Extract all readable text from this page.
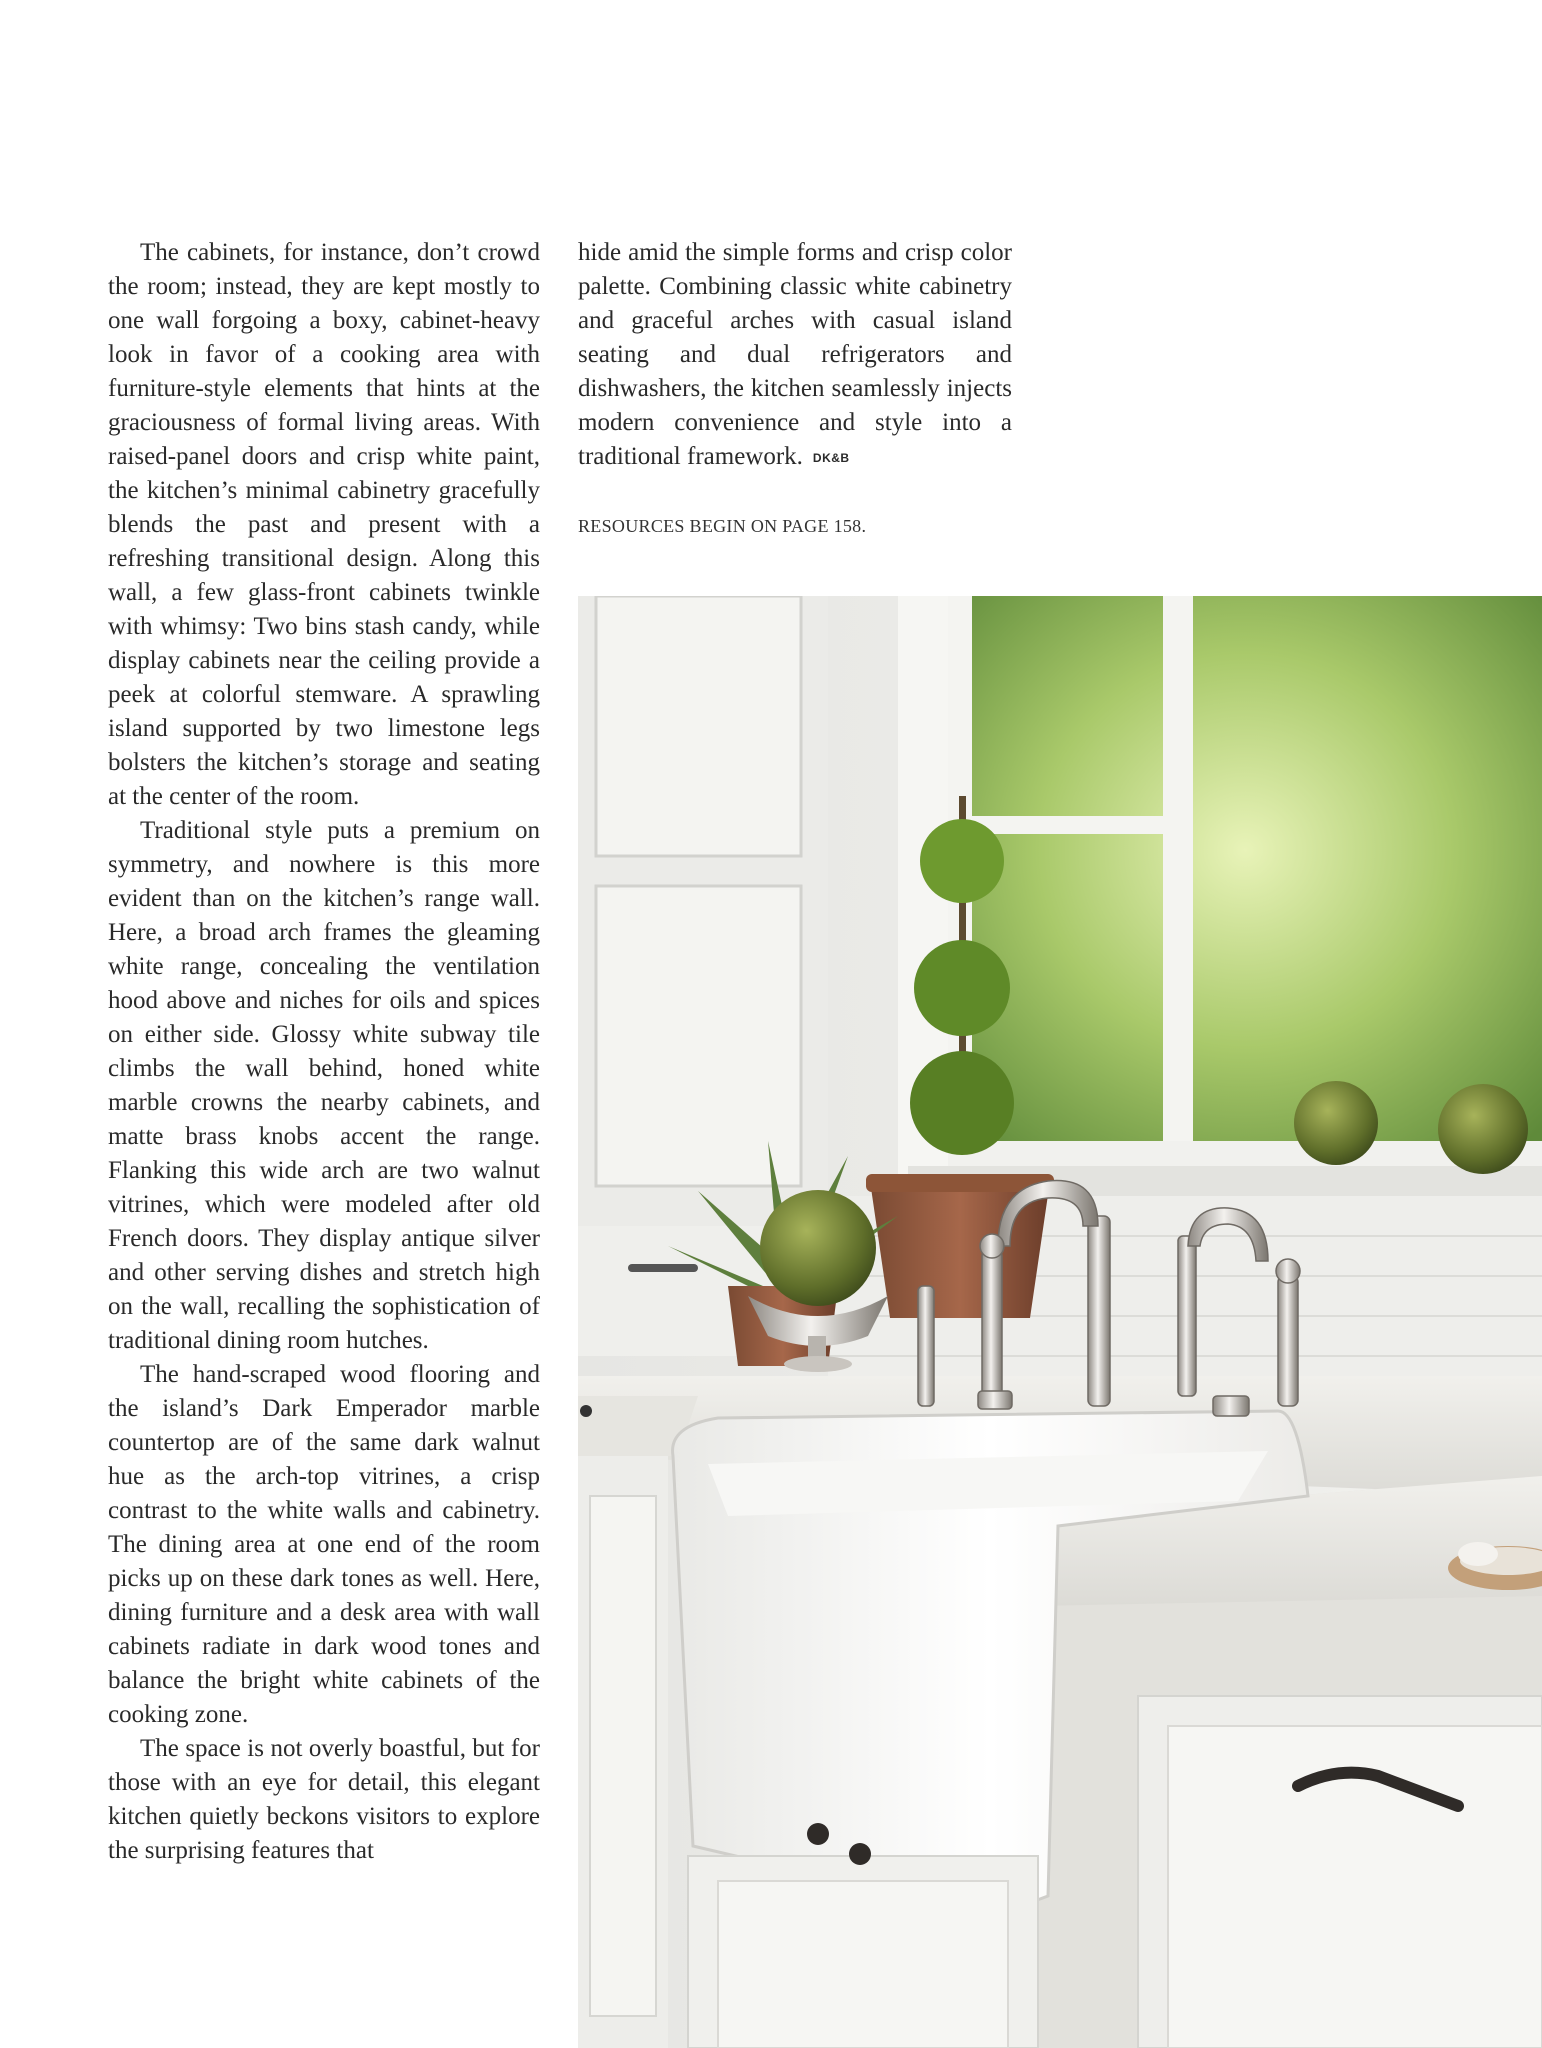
The cabinets, for instance, don’t crowd the room; instead, they are kept mostly to one wall forgoing a boxy, cabinet-heavy look in favor of a cooking area with furniture-style elements that hints at the graciousness of formal living areas. With raised-panel doors and crisp white paint, the kitchen’s minimal cabinetry gracefully blends the past and present with a refreshing transitional design. Along this wall, a few glass-front cabinets twinkle with whimsy: Two bins stash candy, while display cabinets near the ceiling provide a peek at colorful stemware. A sprawling island supported by two limestone legs bolsters the kitchen’s storage and seating at the center of the room.

Traditional style puts a premium on symmetry, and nowhere is this more evident than on the kitchen’s range wall. Here, a broad arch frames the gleaming white range, concealing the ventilation hood above and niches for oils and spices on either side. Glossy white subway tile climbs the wall behind, honed white marble crowns the nearby cabinets, and matte brass knobs accent the range. Flanking this wide arch are two walnut vitrines, which were modeled after old French doors. They display antique silver and other serving dishes and stretch high on the wall, recalling the sophistication of traditional dining room hutches.

The hand-scraped wood flooring and the island’s Dark Emperador marble countertop are of the same dark walnut hue as the arch-top vitrines, a crisp contrast to the white walls and cabinetry. The dining area at one end of the room picks up on these dark tones as well. Here, dining furniture and a desk area with wall cabinets radiate in dark wood tones and balance the bright white cabinets of the cooking zone.

The space is not overly boastful, but for those with an eye for detail, this elegant kitchen quietly beckons visitors to explore the surprising features that

hide amid the simple forms and crisp color palette. Combining classic white cabinetry and graceful arches with casual island seating and dual refrigerators and dishwashers, the kitchen seamlessly injects modern convenience and style into a traditional framework. DK&B

RESOURCES BEGIN ON PAGE 158.
